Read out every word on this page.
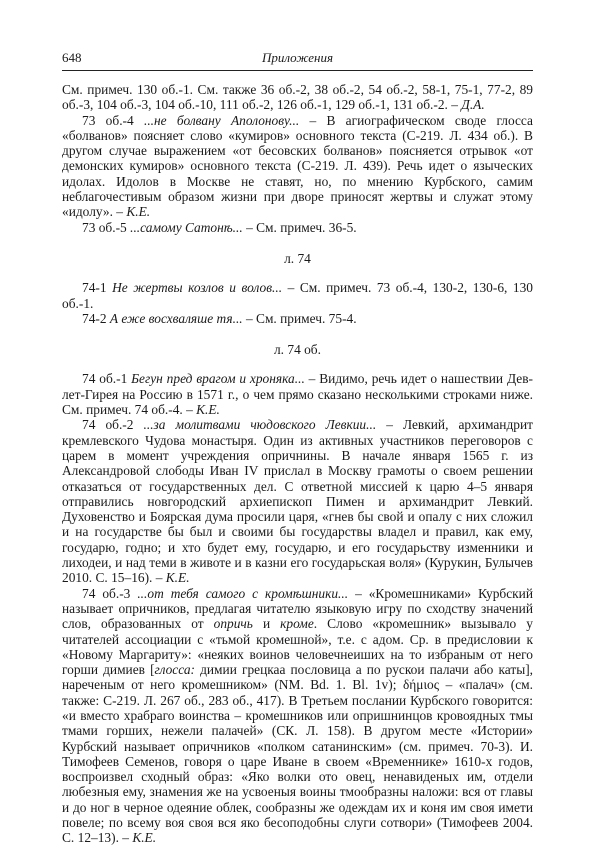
648	Приложения

См. примеч. 130 об.-1. См. также 36 об.-2, 38 об.-2, 54 об.-2, 58-1, 75-1, 77-2, 89 об.-3, 104 об.-3, 104 об.-10, 111 об.-2, 126 об.-1, 129 об.-1, 131 об.-2. – Д.А.

73 об.-4 ...не болвану Аполонову... – В агиографическом своде глосса «болванов» поясняет слово «кумиров» основного текста (С-219. Л. 434 об.). В другом случае выражением «от бесовских болванов» поясняется отрывок «от демонских кумиров» основного текста (С-219. Л. 439). Речь идет о языческих идолах. Идолов в Москве не ставят, но, по мнению Курбского, самим неблагочестивым образом жизни при дворе приносят жертвы и служат этому «идолу». – К.Е.

73 об.-5 ...самому Сатонѣ... – См. примеч. 36-5.

л. 74

74-1 Не жертвы козлов и волов... – См. примеч. 73 об.-4, 130-2, 130-6, 130 об.-1.

74-2 А еже восхваляше тя... – См. примеч. 75-4.

л. 74 об.

74 об.-1 Бегун пред врагом и хроняка... – Видимо, речь идет о нашествии Девлет-Гирея на Россию в 1571 г., о чем прямо сказано несколькими строками ниже. См. примеч. 74 об.-4. – К.Е.

74 об.-2 ...за молитвами чюдовского Левкии... – Левкий, архимандрит кремлевского Чудова монастыря. Один из активных участников переговоров с царем в момент учреждения опричнины. В начале января 1565 г. из Александровой слободы Иван IV прислал в Москву грамоты о своем решении отказаться от государственных дел. С ответной миссией к царю 4–5 января отправились новгородский архиепископ Пимен и архимандрит Левкий. Духовенство и Боярская дума просили царя, «гнев бы свой и опалу с них сложил и на государстве бы был и своими бы государствы владел и правил, как ему, государю, годно; и хто будет ему, государю, и его государьству изменники и лиходеи, и над теми в животе и в казни его государьская воля» (Курукин, Булычев 2010. С. 15–16). – К.Е.

74 об.-3 ...от тебя самого с кромѣшники... – «Кромешниками» Курбский называет опричников, предлагая читателю языковую игру по сходству значений слов, образованных от опричь и кроме. Слово «кромешник» вызывало у читателей ассоциации с «тьмой кромешной», т.е. с адом. Ср. в предисловии к «Новому Маргариту»: «неяких воинов человечнеиших на то избраным от него горши димиев [глосса: димии грецкаа пословица а по рускои палачи або каты], нареченым от него кромешником» (NM. Bd. 1. Bl. 1v); δήμιος – «палач» (см. также: С-219. Л. 267 об., 283 об., 417). В Третьем послании Курбского говорится: «и вместо храбраго воинства – кромешников или опришнинцов кровоядных тмы тмами горших, нежели палачей» (СК. Л. 158). В другом месте «Истории» Курбский называет опричников «полком сатанинским» (см. примеч. 70-3). И. Тимофеев Семенов, говоря о царе Иване в своем «Временнике» 1610-х годов, воспроизвел сходный образ: «Яко волки ото овец, ненавиденых им, отдели любезныя ему, знамения же на усвоеныя воины тмообразны наложи: вся от главы и до ног в черное одеяние облек, сообразны же одеждам их и коня им своя имети повеле; по всему воя своя вся яко бесоподобны слуги сотвори» (Тимофеев 2004. С. 12–13). – К.Е.
